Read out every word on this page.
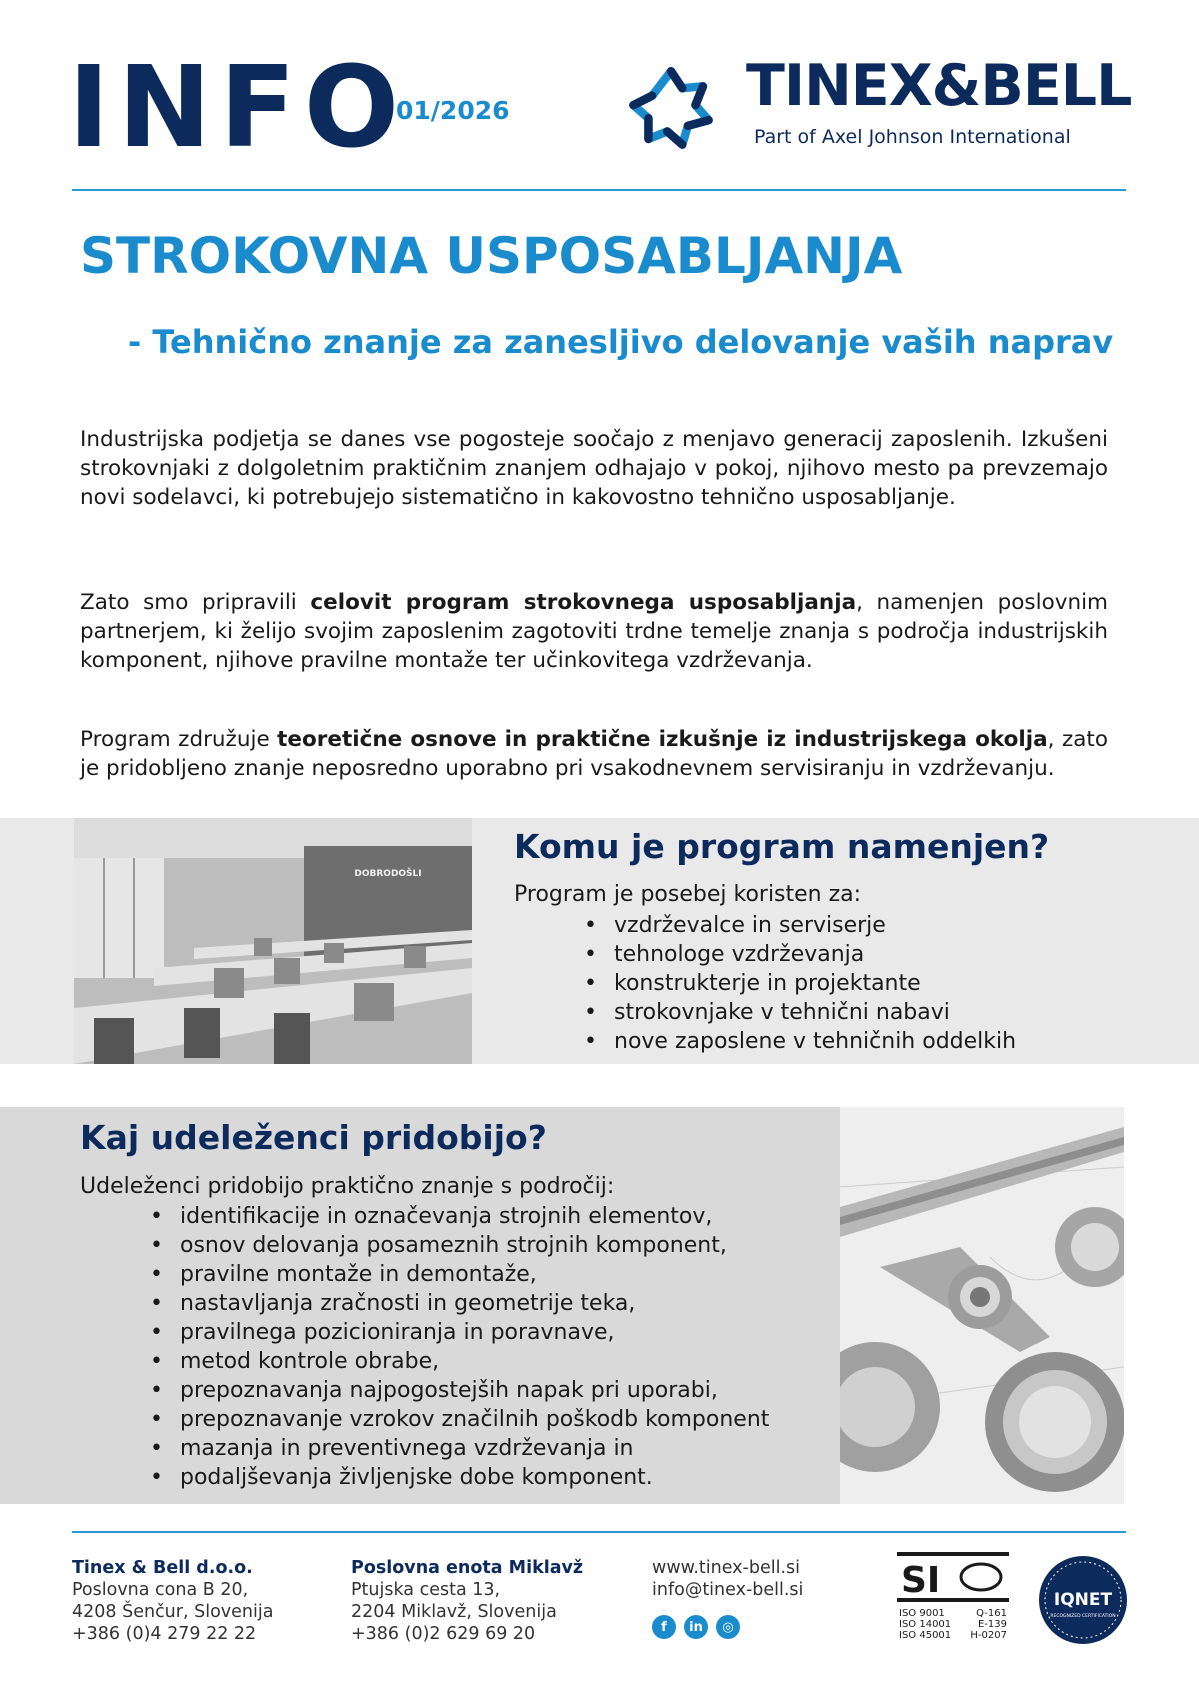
INFO
01/2026	TINEX&BELL
Part of Axel Johnson International
STROKOVNA USPOSABLJANJA
- Tehnično znanje za zanesljivo delovanje vaših naprav
Industrijska podjetja se danes vse pogosteje soočajo z menjavo generacij zaposlenih. Izkušeni strokovnjaki z dolgoletnim praktičnim znanjem odhajajo v pokoj, njihovo mesto pa prevzemajo novi sodelavci, ki potrebujejo sistematično in kakovostno tehnično usposabljanje.
Zato smo pripravili celovit program strokovnega usposabljanja, namenjen poslovnim partnerjem, ki želijo svojim zaposlenim zagotoviti trdne temelje znanja s področja industrijskih komponent, njihove pravilne montaže ter učinkovitega vzdrževanja.
Program združuje teoretične osnove in praktične izkušnje iz industrijskega okolja, zato je pridobljeno znanje neposredno uporabno pri vsakodnevnem servisiranju in vzdrževanju.
DOBRODOŠLI
Komu je program namenjen?
Program je posebej koristen za:
• vzdrževalce in serviserje
• tehnologe vzdrževanja
• konstrukterje in projektante
• strokovnjake v tehnični nabavi
• nove zaposlene v tehničnih oddelkih
Kaj udeleženci pridobijo?
Udeleženci pridobijo praktično znanje s področij:
• identifikacije in označevanja strojnih elementov,
• osnov delovanja posameznih strojnih komponent,
• pravilne montaže in demontaže,
• nastavljanja zračnosti in geometrije teka,
• pravilnega pozicioniranja in poravnave,
• metod kontrole obrabe,
• prepoznavanja najpogostejših napak pri uporabi,
• prepoznavanje vzrokov značilnih poškodb komponent
• mazanja in preventivnega vzdrževanja in
• podaljševanja življenjske dobe komponent.
Tinex & Bell d.o.o.
Poslovna cona B 20,
4208 Šenčur, Slovenija
+386 (0)4 279 22 22
Poslovna enota Miklavž
Ptujska cesta 13,
2204 Miklavž, Slovenija
+386 (0)2 629 69 20
www.tinex-bell.si
info@tinex-bell.si
f	in	◎
SI
ISO 9001
ISO 14001
ISO 45001
Q-161
E-139
H-0207
IQNET
RECOGNIZED CERTIFICATION
